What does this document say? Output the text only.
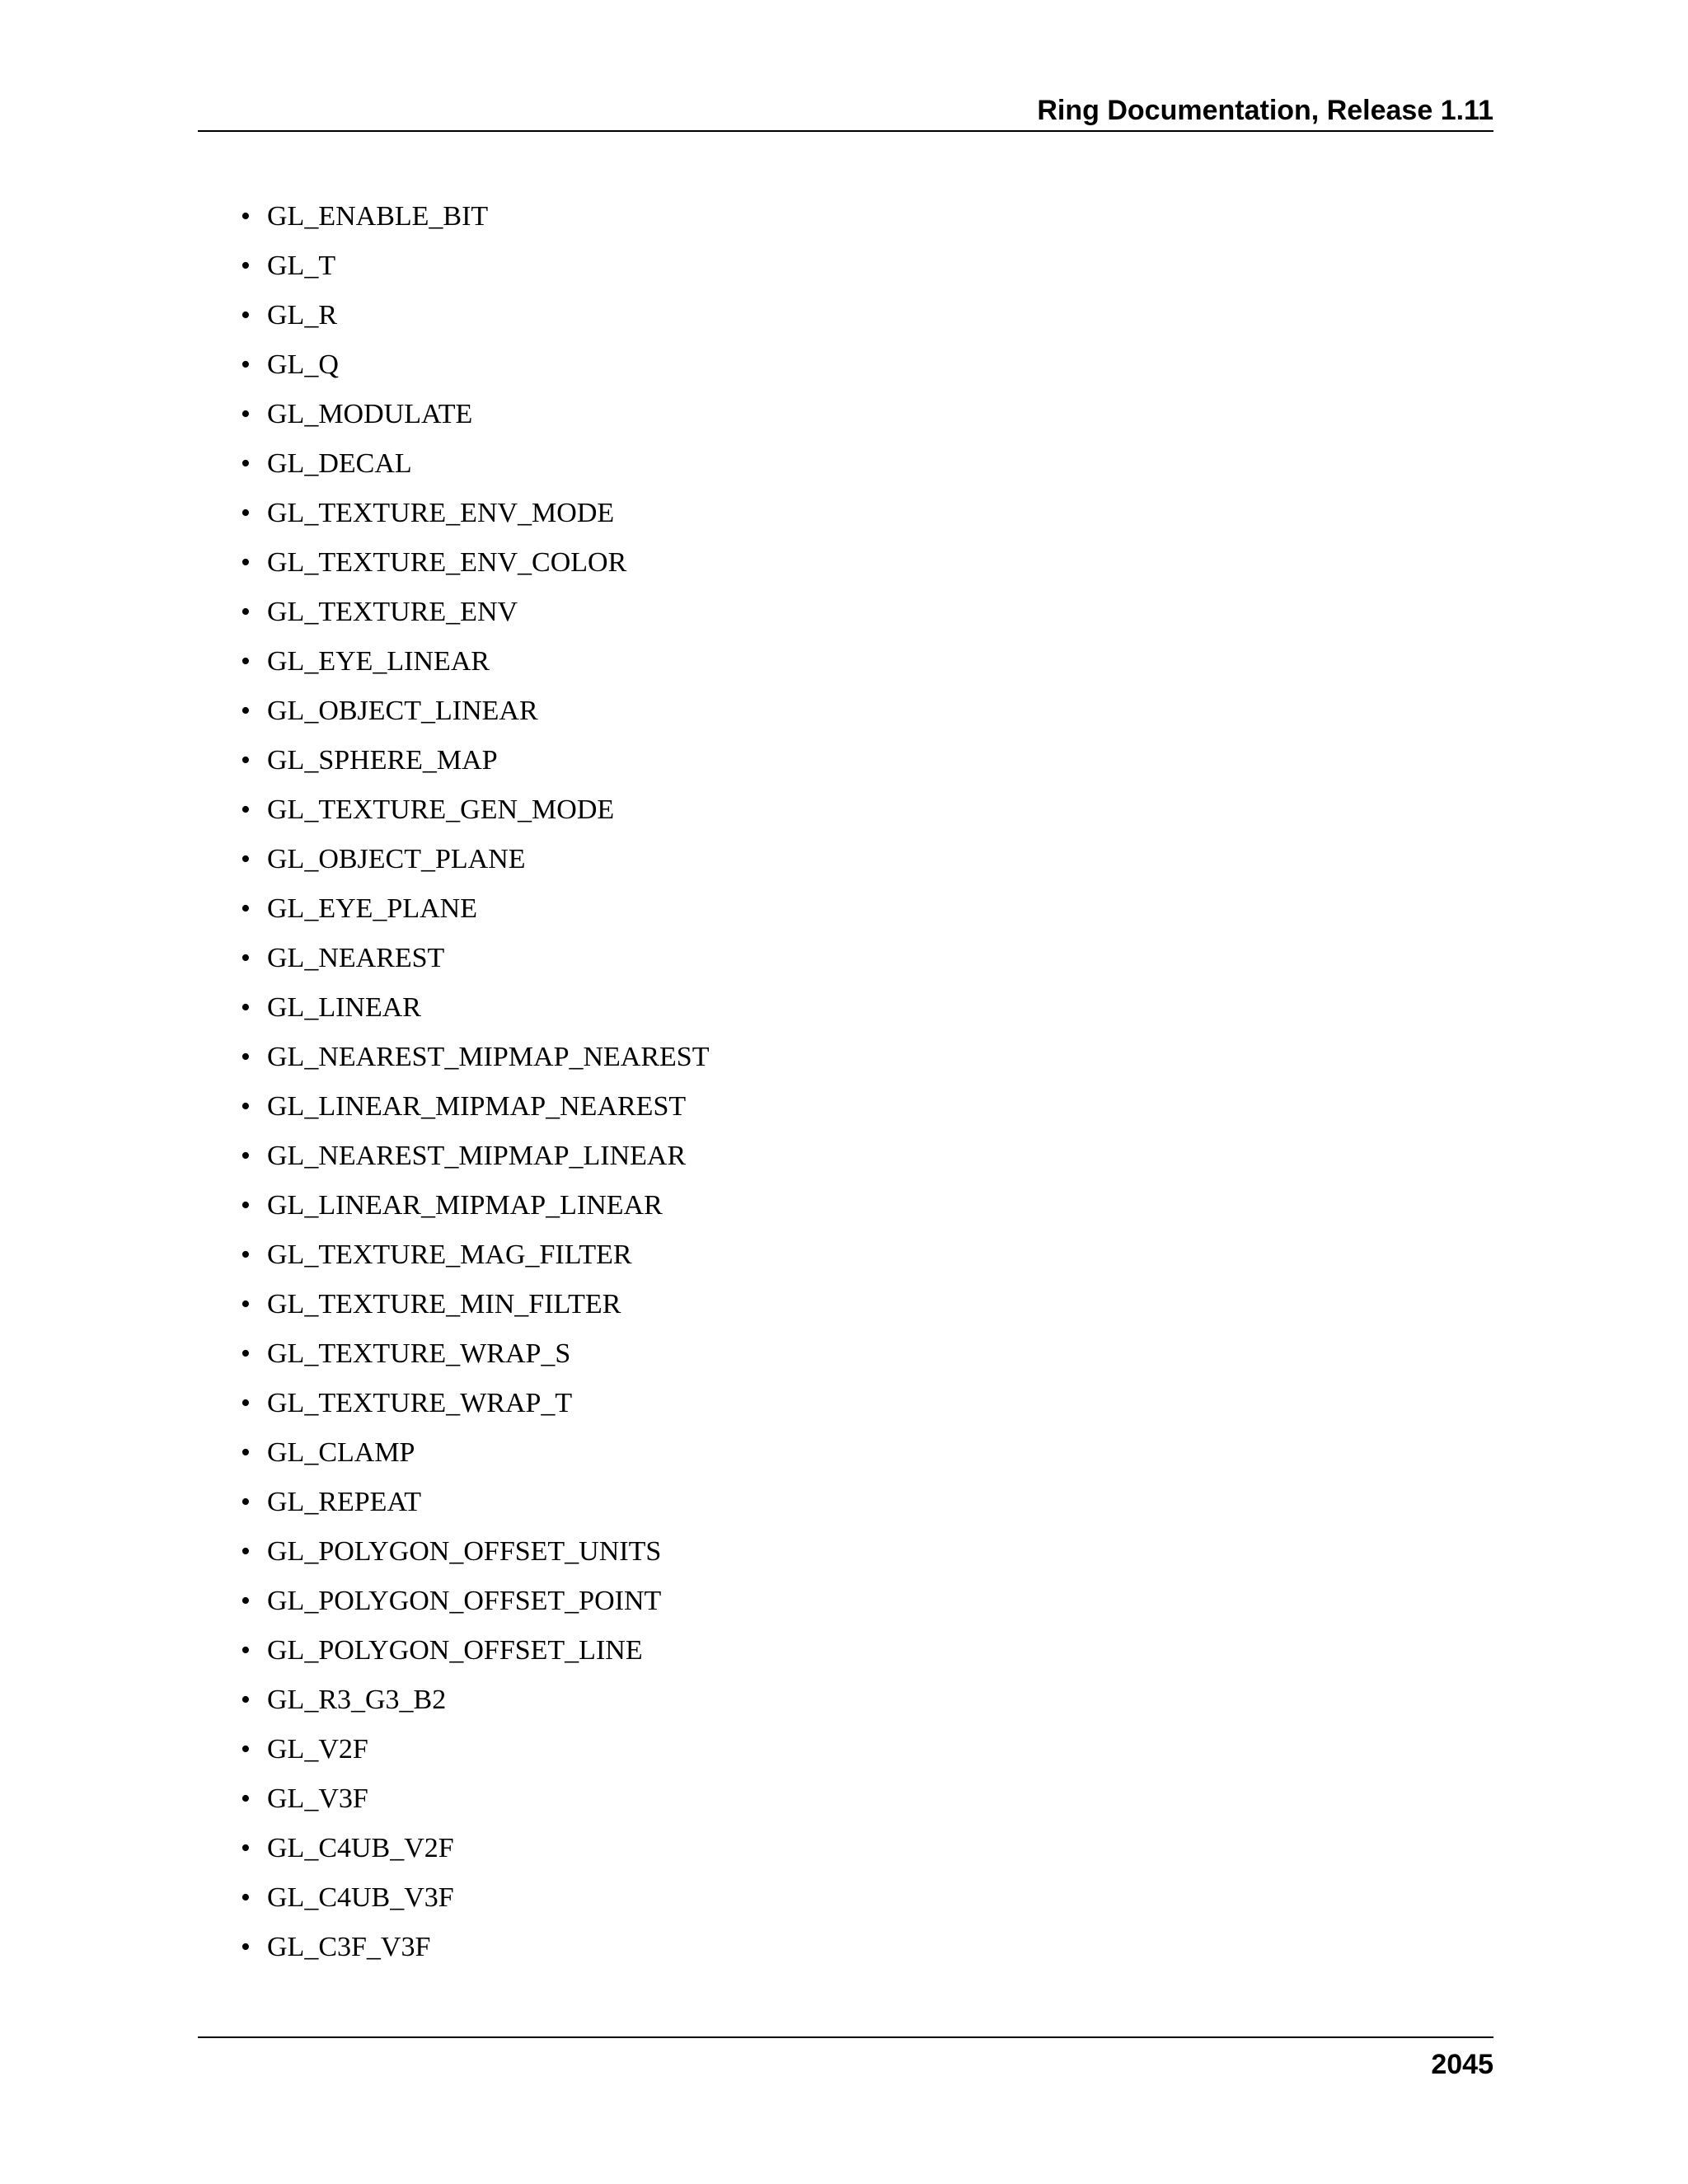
Ring Documentation, Release 1.11
• GL_ENABLE_BIT
• GL_T
• GL_R
• GL_Q
• GL_MODULATE
• GL_DECAL
• GL_TEXTURE_ENV_MODE
• GL_TEXTURE_ENV_COLOR
• GL_TEXTURE_ENV
• GL_EYE_LINEAR
• GL_OBJECT_LINEAR
• GL_SPHERE_MAP
• GL_TEXTURE_GEN_MODE
• GL_OBJECT_PLANE
• GL_EYE_PLANE
• GL_NEAREST
• GL_LINEAR
• GL_NEAREST_MIPMAP_NEAREST
• GL_LINEAR_MIPMAP_NEAREST
• GL_NEAREST_MIPMAP_LINEAR
• GL_LINEAR_MIPMAP_LINEAR
• GL_TEXTURE_MAG_FILTER
• GL_TEXTURE_MIN_FILTER
• GL_TEXTURE_WRAP_S
• GL_TEXTURE_WRAP_T
• GL_CLAMP
• GL_REPEAT
• GL_POLYGON_OFFSET_UNITS
• GL_POLYGON_OFFSET_POINT
• GL_POLYGON_OFFSET_LINE
• GL_R3_G3_B2
• GL_V2F
• GL_V3F
• GL_C4UB_V2F
• GL_C4UB_V3F
• GL_C3F_V3F
2045
